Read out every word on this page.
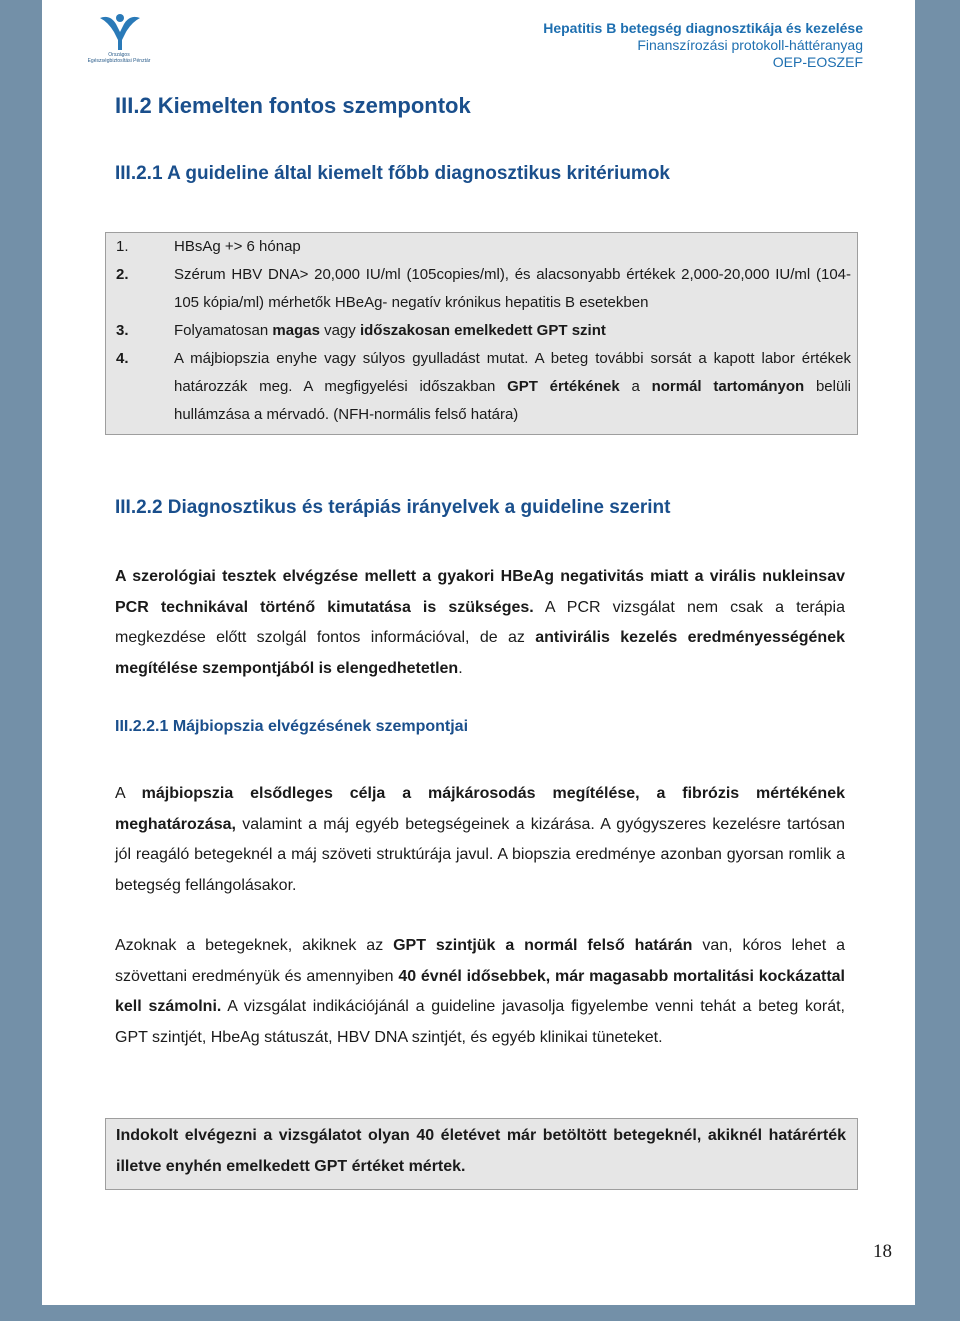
Országos Egészségbiztosítási Pénztár
Hepatitis B betegség diagnosztikája és kezelése
Finanszírozási protokoll-háttéranyag
OEP-EOSZEF
III.2 Kiemelten fontos szempontok
III.2.1 A guideline által kiemelt főbb diagnosztikus kritériumok
1.	HBsAg +> 6 hónap
2.	Szérum HBV DNA> 20,000 IU/ml (105copies/ml), és alacsonyabb értékek 2,000-20,000 IU/ml (104-105 kópia/ml) mérhetők HBeAg- negatív krónikus hepatitis B esetekben
3.	Folyamatosan magas vagy időszakosan emelkedett GPT szint
4.	A májbiopszia enyhe vagy súlyos gyulladást mutat. A beteg további sorsát a kapott labor értékek határozzák meg. A megfigyelési időszakban GPT értékének a normál tartományon belüli hullámzása a mérvadó. (NFH-normális felső határa)
III.2.2 Diagnosztikus és terápiás irányelvek a guideline szerint

A szerológiai tesztek elvégzése mellett a gyakori HBeAg negativitás miatt a virális nukleinsav PCR technikával történő kimutatása is szükséges. A PCR vizsgálat nem csak a terápia megkezdése előtt szolgál fontos információval, de az antivirális kezelés eredményességének megítélése szempontjából is elengedhetetlen.

III.2.2.1 Májbiopszia elvégzésének szempontjai

A májbiopszia elsődleges célja a májkárosodás megítélése, a fibrózis mértékének meghatározása, valamint a máj egyéb betegségeinek a kizárása. A gyógyszeres kezelésre tartósan jól reagáló betegeknél a máj szöveti struktúrája javul. A biopszia eredménye azonban gyorsan romlik a betegség fellángolásakor.

Azoknak a betegeknek, akiknek az GPT szintjük a normál felső határán van, kóros lehet a szövettani eredményük és amennyiben 40 évnél idősebbek, már magasabb mortalitási kockázattal kell számolni. A vizsgálat indikációjánál a guideline javasolja figyelembe venni tehát a beteg korát, GPT szintjét, HbeAg státuszát, HBV DNA szintjét, és egyéb klinikai tüneteket.

Indokolt elvégezni a vizsgálatot olyan 40 életévet már betöltött betegeknél, akiknél határérték illetve enyhén emelkedett GPT értéket mértek.

18
